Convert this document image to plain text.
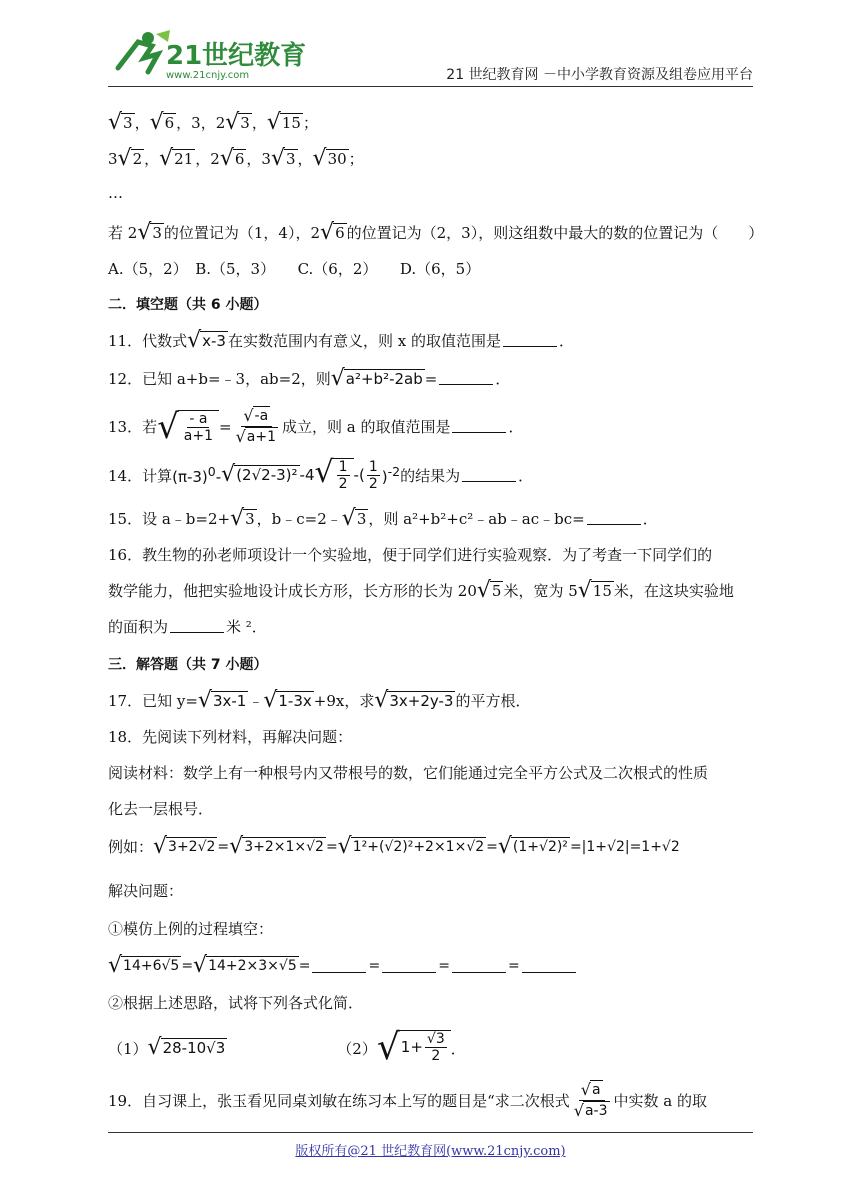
21世纪教育
www.21cnjy.com	21 世纪教育网 －中小学教育资源及组卷应用平台
√ 3 ， √ 6 ，3，2 √ 3 ， √ 15 ；
3 √ 2 ， √ 21 ，2 √ 6 ，3 √ 3 ， √ 30 ；
…
若 2 √ 3 的位置记为（1，4），2 √ 6 的位置记为（2，3），则这组数中最大的数的位置记为（　　）
A.（5，2）　B.（5，3）　　C.（6，2）　　D.（6，5）
二．填空题（共 6 小题）
11．代数式 √ x-3 在实数范围内有意义，则 x 的取值范围是	．
12．已知 a+b=﹣3，ab=2，则 √ a²+b²-2ab =	．
13．若 √ $\frac{- a}{a+1} = \frac{√ -a}{√ a+1}$ 成立，则 a 的取值范围是	．
14．计算 $(\pi-3)^0-$ √ (2√2-3)² -4 √ $\frac{1}{2}$ -( $\frac{1}{2} )^{-2}$ 的结果为	．
15．设 a﹣b=2+ √ 3 ，b﹣c=2﹣ √ 3 ，则 a²+b²+c²﹣ab﹣ac﹣bc=	．
16．教生物的孙老师项设计一个实验地，便于同学们进行实验观察．为了考查一下同学们的
数学能力，他把实验地设计成长方形，长方形的长为 20 √ 5 米，宽为 5 √ 15 米，在这块实验地
的面积为	米 ²．
三．解答题（共 7 小题）
17．已知 y= √ 3x-1 ﹣ √ 1-3x +9x，求 √ 3x+2y-3 的平方根．
18．先阅读下列材料，再解决问题：
阅读材料：数学上有一种根号内又带根号的数，它们能通过完全平方公式及二次根式的性质
化去一层根号．
例如： √ 3+2√2 = √ 3+2×1×√2 = √ 1²+(√2)²+2×1×√2 = √ (1+√2)² =|1+√2|=1+√2
解决问题：
①模仿上例的过程填空：
√ 14+6√5 = √ 14+2×3×√5 =	=	=	=
②根据上述思路，试将下列各式化简．
（1） √ 28-10√3	（2） √ $1+ \frac{√3}{2}$ ．
19．自习课上，张玉看见同桌刘敏在练习本上写的题目是“求二次根式 $\frac{√ a}{√ a-3}$ 中实数 a 的取
版权所有@21 世纪教育网(www.21cnjy.com)
